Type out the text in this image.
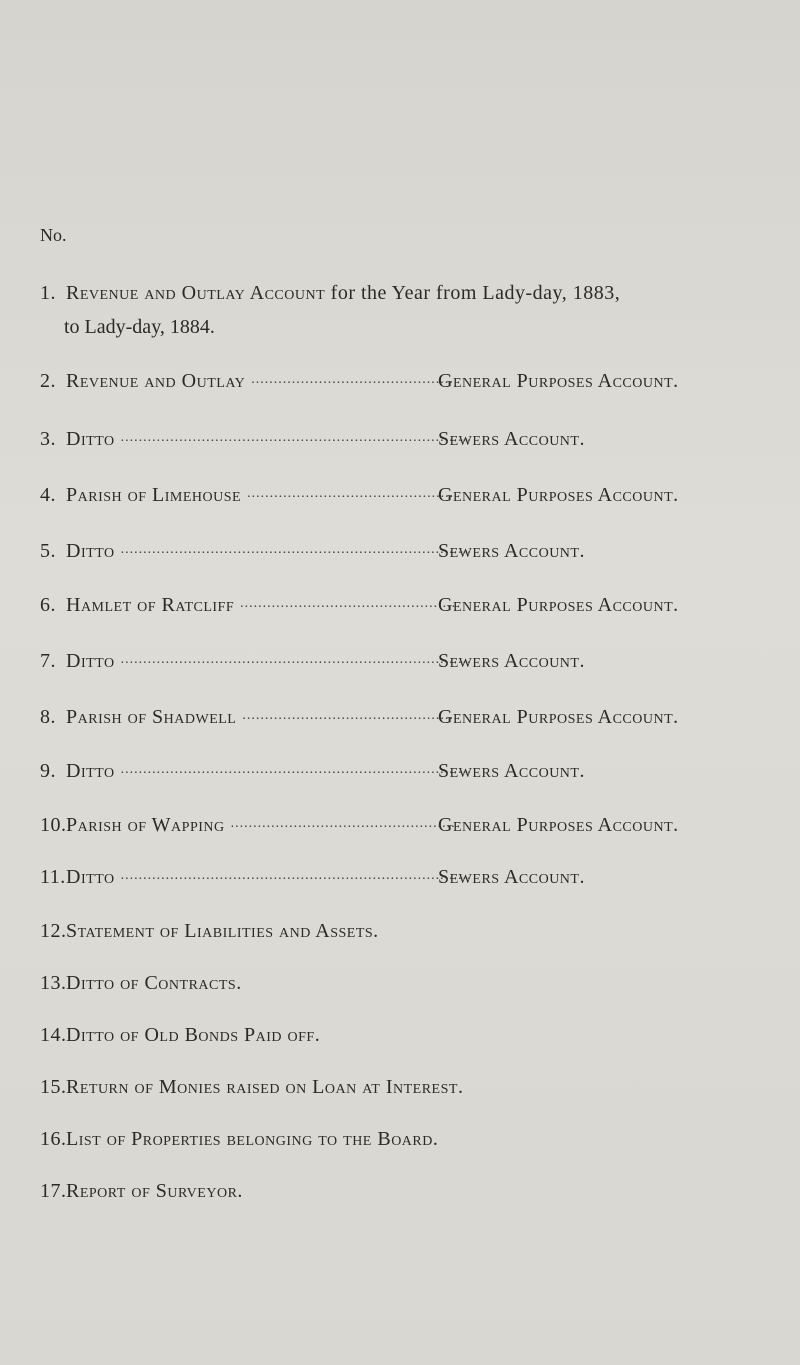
No.
1. Revenue and Outlay Account for the Year from Lady-day, 1883,
to Lady-day, 1884.
2. Revenue and Outlay	General Purposes Account.
.............................................
3. Ditto	Sewers Account.
..............................................................................
4. Parish of Limehouse	General Purposes Account.
..............................................
5. Ditto	Sewers Account.
..............................................................................
6. Hamlet of Ratcliff	General Purposes Account.
................................................
7. Ditto	Sewers Account.
..............................................................................
8. Parish of Shadwell	General Purposes Account.
...............................................
9. Ditto	Sewers Account.
..............................................................................
10.Parish of Wapping	General Purposes Account.
..................................................
11.Ditto	Sewers Account.
..............................................................................
12.Statement of Liabilities and Assets.
13.Ditto of Contracts.
14.Ditto of Old Bonds Paid off.
15.Return of Monies raised on Loan at Interest.
16.List of Properties belonging to the Board.
17.Report of Surveyor.
